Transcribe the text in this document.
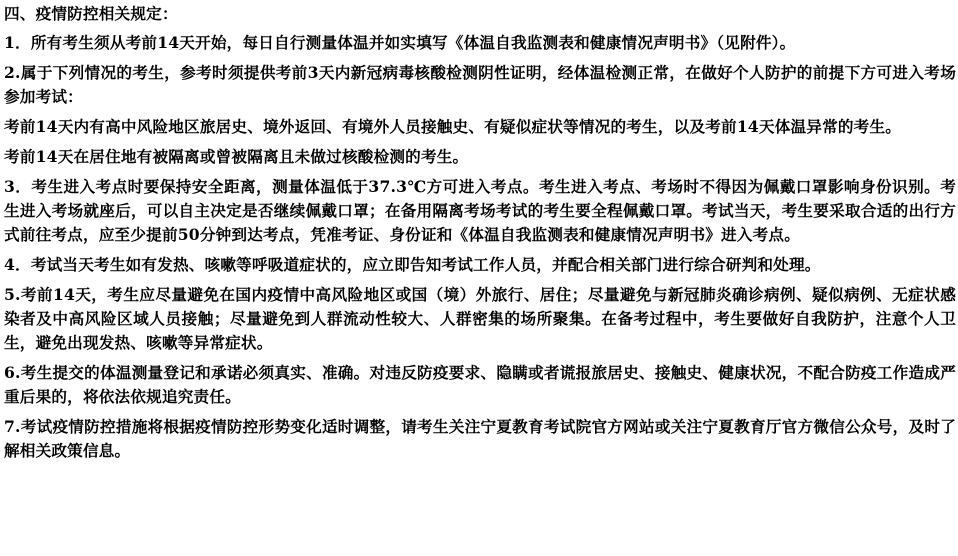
四、疫情防控相关规定：

1．所有考生须从考前14天开始，每日自行测量体温并如实填写《体温自我监测表和健康情况声明书》（见附件）。

2.属于下列情况的考生，参考时须提供考前3天内新冠病毒核酸检测阴性证明，经体温检测正常，在做好个人防护的前提下方可进入考场参加考试：

考前14天内有高中风险地区旅居史、境外返回、有境外人员接触史、有疑似症状等情况的考生，以及考前14天体温异常的考生。

考前14天在居住地有被隔离或曾被隔离且未做过核酸检测的考生。

3．考生进入考点时要保持安全距离，测量体温低于37.3℃方可进入考点。考生进入考点、考场时不得因为佩戴口罩影响身份识别。考生进入考场就座后，可以自主决定是否继续佩戴口罩；在备用隔离考场考试的考生要全程佩戴口罩。考试当天，考生要采取合适的出行方式前往考点，应至少提前50分钟到达考点，凭准考证、身份证和《体温自我监测表和健康情况声明书》进入考点。

4．考试当天考生如有发热、咳嗽等呼吸道症状的，应立即告知考试工作人员，并配合相关部门进行综合研判和处理。

5.考前14天，考生应尽量避免在国内疫情中高风险地区或国（境）外旅行、居住；尽量避免与新冠肺炎确诊病例、疑似病例、无症状感染者及中高风险区域人员接触；尽量避免到人群流动性较大、人群密集的场所聚集。在备考过程中，考生要做好自我防护，注意个人卫生，避免出现发热、咳嗽等异常症状。

6.考生提交的体温测量登记和承诺必须真实、准确。对违反防疫要求、隐瞒或者谎报旅居史、接触史、健康状况，不配合防疫工作造成严重后果的，将依法依规追究责任。

7.考试疫情防控措施将根据疫情防控形势变化适时调整，请考生关注宁夏教育考试院官方网站或关注宁夏教育厅官方微信公众号，及时了解相关政策信息。
